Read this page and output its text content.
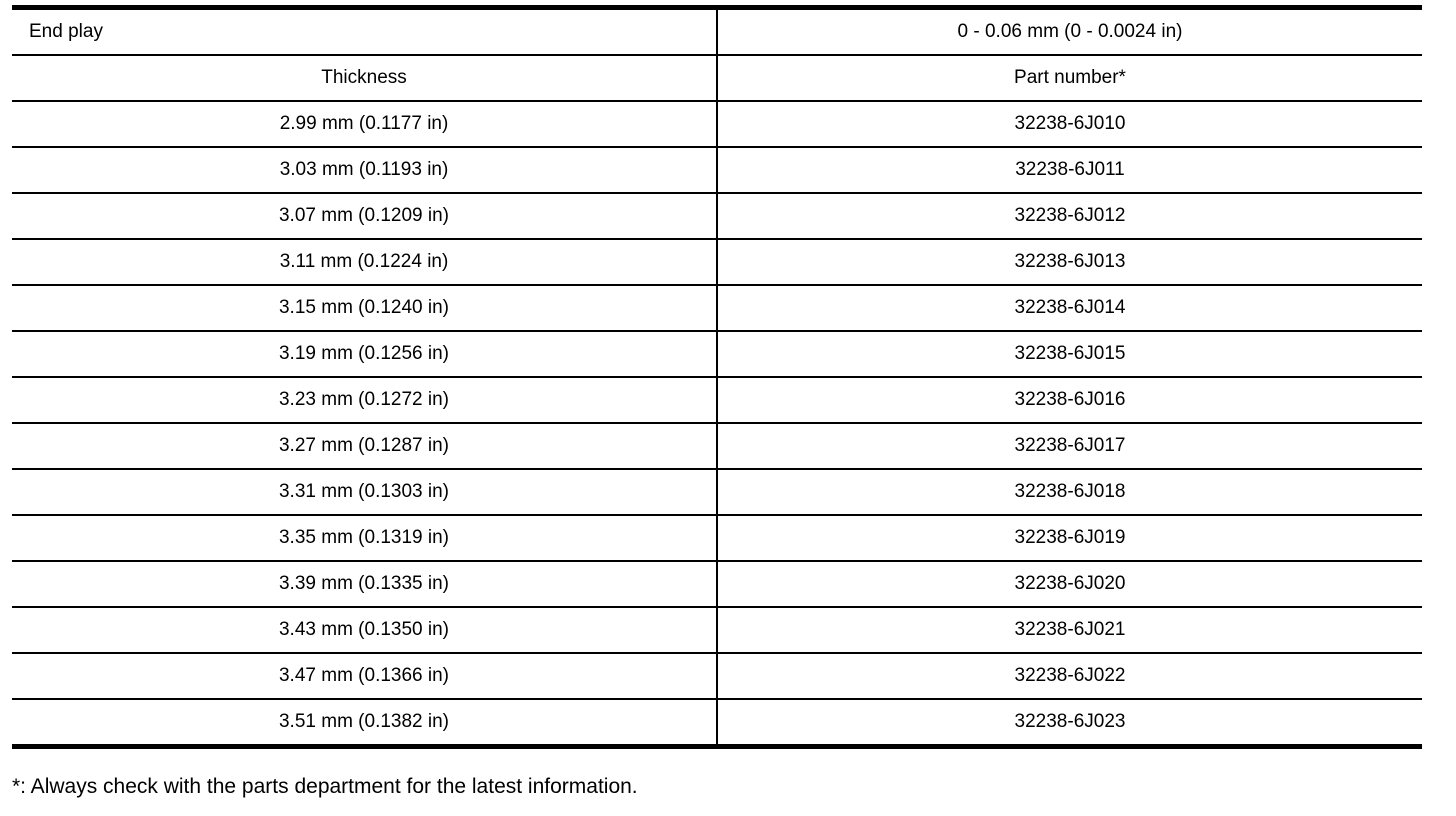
End play	0 - 0.06 mm (0 - 0.0024 in)
Thickness	Part number*
2.99 mm (0.1177 in)	32238-6J010
3.03 mm (0.1193 in)	32238-6J011
3.07 mm (0.1209 in)	32238-6J012
3.11 mm (0.1224 in)	32238-6J013
3.15 mm (0.1240 in)	32238-6J014
3.19 mm (0.1256 in)	32238-6J015
3.23 mm (0.1272 in)	32238-6J016
3.27 mm (0.1287 in)	32238-6J017
3.31 mm (0.1303 in)	32238-6J018
3.35 mm (0.1319 in)	32238-6J019
3.39 mm (0.1335 in)	32238-6J020
3.43 mm (0.1350 in)	32238-6J021
3.47 mm (0.1366 in)	32238-6J022
3.51 mm (0.1382 in)	32238-6J023
*: Always check with the parts department for the latest information.
